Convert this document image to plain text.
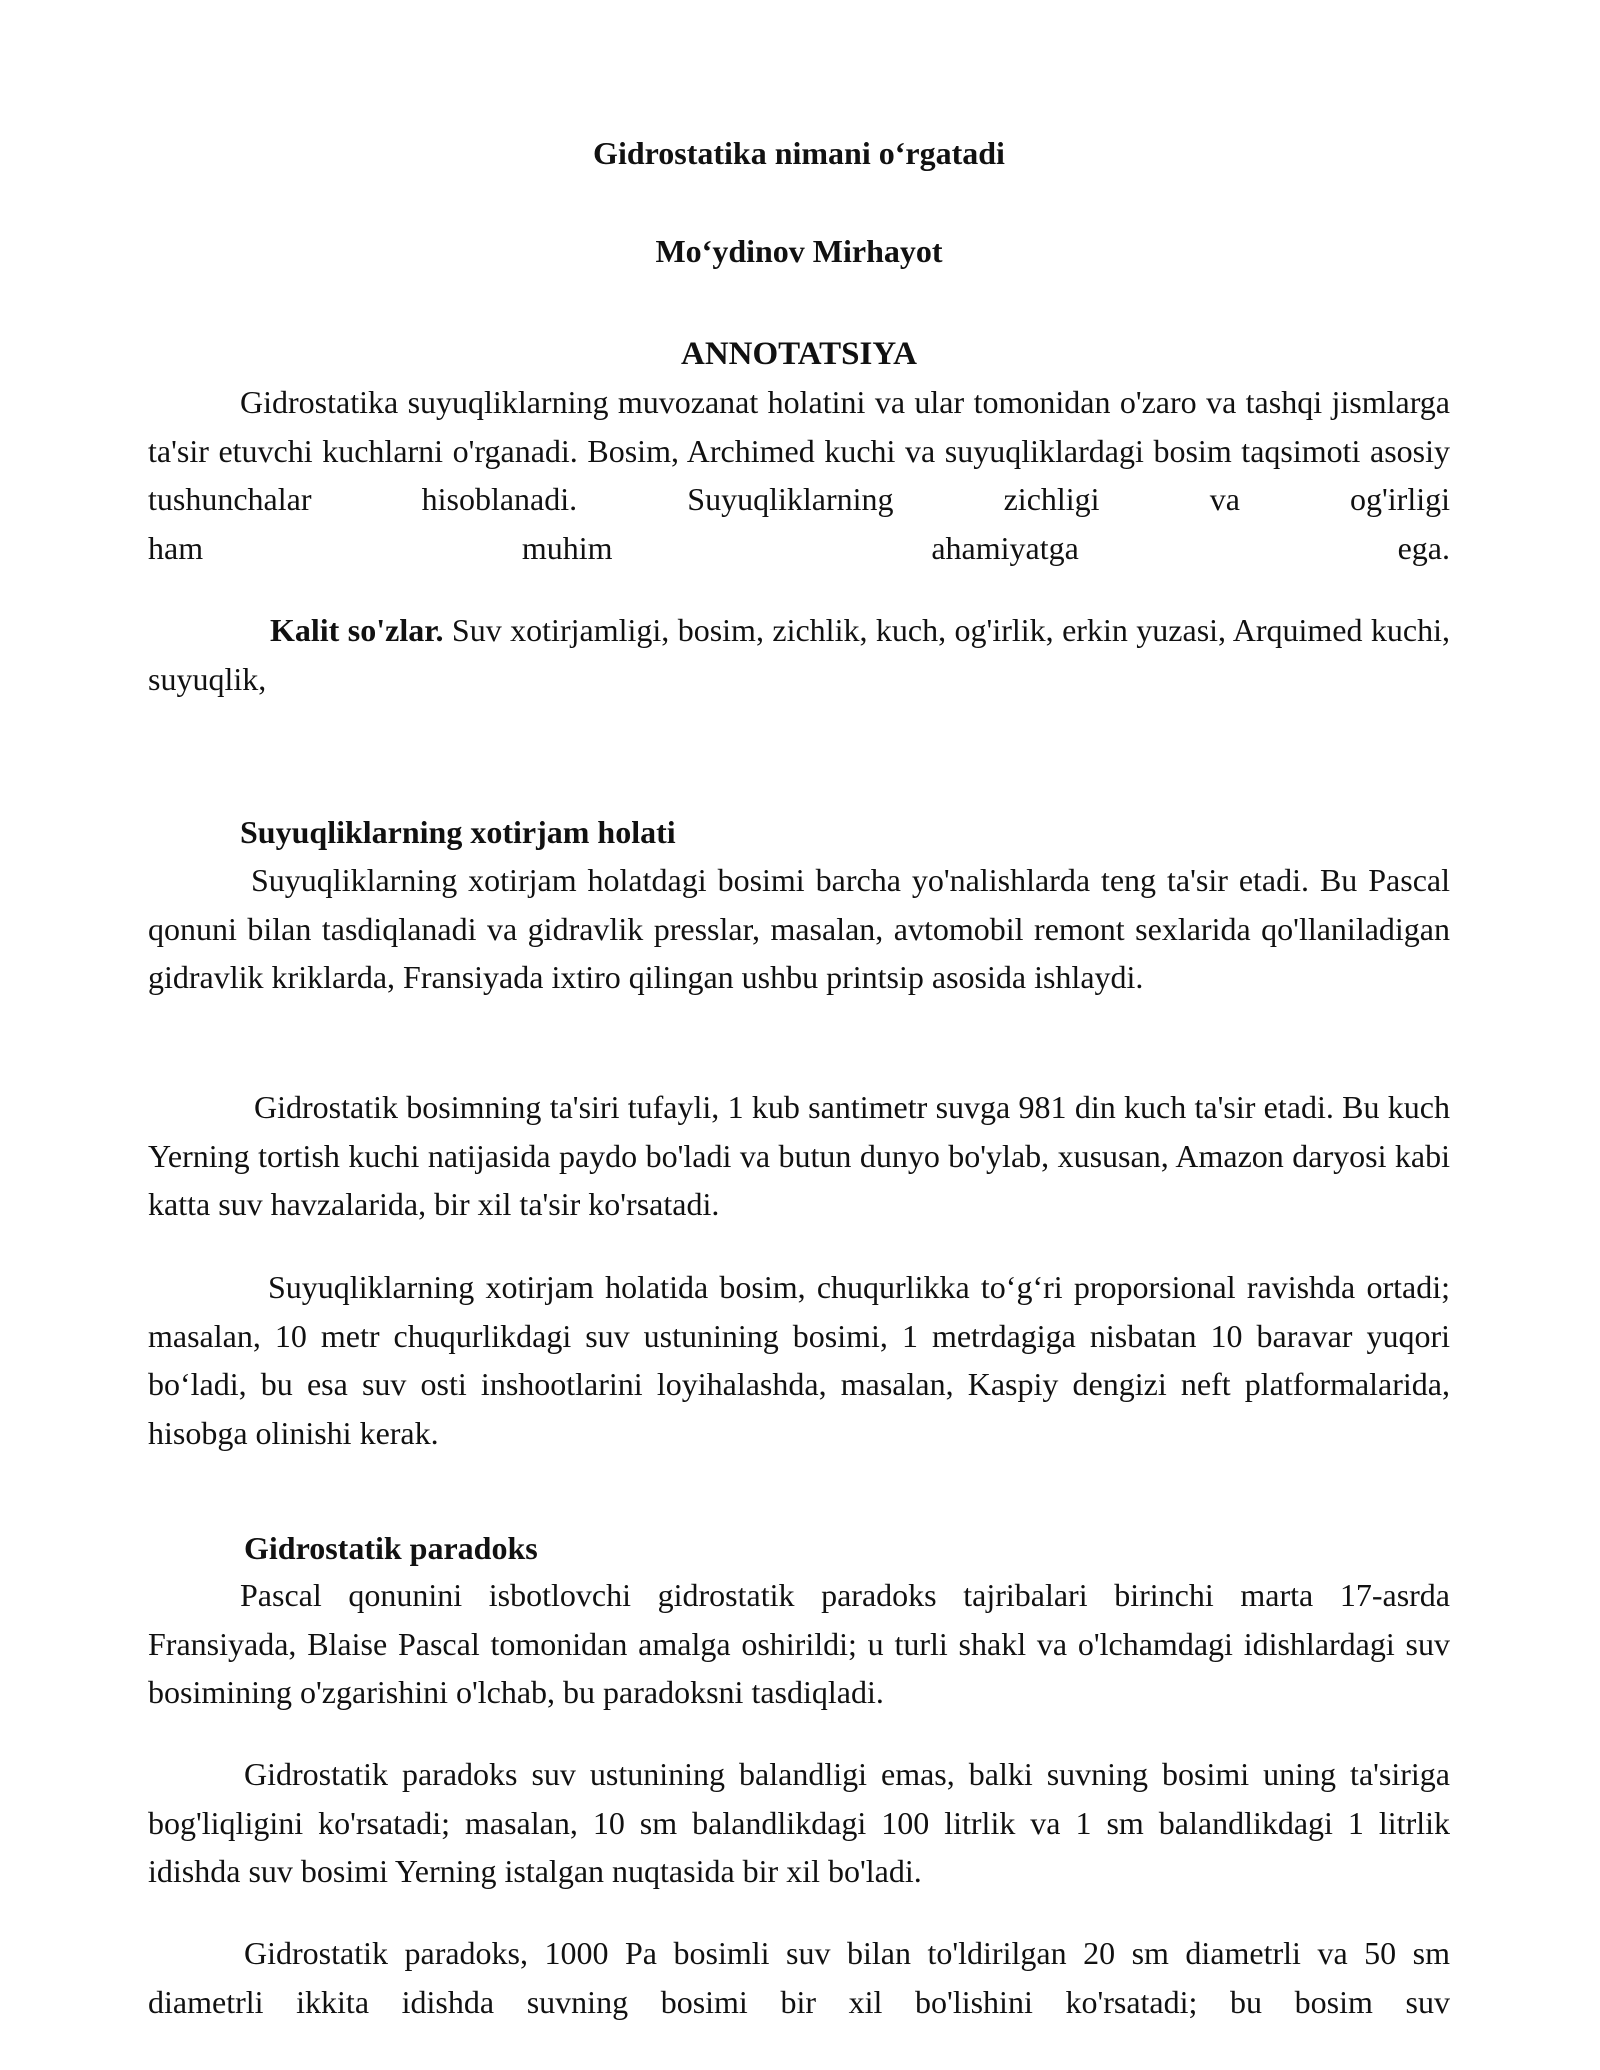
Gidrostatika nimani o‘rgatadi
Mo‘ydinov Mirhayot
ANNOTATSIYA
Gidrostatika suyuqliklarning muvozanat holatini va ular tomonidan o'zaro va tashqi jismlarga ta'sir etuvchi kuchlarni o'rganadi. Bosim, Archimed kuchi va suyuqliklardagi bosim taqsimoti asosiy tushunchalar hisoblanadi. Suyuqliklarning zichligi va og'irligi
ham	muhim	ahamiyatga	ega.
Kalit so'zlar. Suv xotirjamligi, bosim, zichlik, kuch, og'irlik, erkin yuzasi, Arquimed kuchi, suyuqlik,
Suyuqliklarning xotirjam holati
Suyuqliklarning xotirjam holatdagi bosimi barcha yo'nalishlarda teng ta'sir etadi. Bu Pascal qonuni bilan tasdiqlanadi va gidravlik presslar, masalan, avtomobil remont sexlarida qo'llaniladigan gidravlik kriklarda, Fransiyada ixtiro qilingan ushbu printsip asosida ishlaydi.
Gidrostatik bosimning ta'siri tufayli, 1 kub santimetr suvga 981 din kuch ta'sir etadi. Bu kuch Yerning tortish kuchi natijasida paydo bo'ladi va butun dunyo bo'ylab, xususan, Amazon daryosi kabi katta suv havzalarida, bir xil ta'sir ko'rsatadi.
Suyuqliklarning xotirjam holatida bosim, chuqurlikka to‘g‘ri proporsional ravishda ortadi; masalan, 10 metr chuqurlikdagi suv ustunining bosimi, 1 metrdagiga nisbatan 10 baravar yuqori bo‘ladi, bu esa suv osti inshootlarini loyihalashda, masalan, Kaspiy dengizi neft platformalarida, hisobga olinishi kerak.
Gidrostatik paradoks
Pascal qonunini isbotlovchi gidrostatik paradoks tajribalari birinchi marta 17-asrda Fransiyada, Blaise Pascal tomonidan amalga oshirildi; u turli shakl va o'lchamdagi idishlardagi suv bosimining o'zgarishini o'lchab, bu paradoksni tasdiqladi.
Gidrostatik paradoks suv ustunining balandligi emas, balki suvning bosimi uning ta'siriga bog'liqligini ko'rsatadi; masalan, 10 sm balandlikdagi 100 litrlik va 1 sm balandlikdagi 1 litrlik idishda suv bosimi Yerning istalgan nuqtasida bir xil bo'ladi.
Gidrostatik paradoks, 1000 Pa bosimli suv bilan to'ldirilgan 20 sm diametrli va 50 sm diametrli ikkita idishda suvning bosimi bir xil bo'lishini ko'rsatadi; bu bosim suv
